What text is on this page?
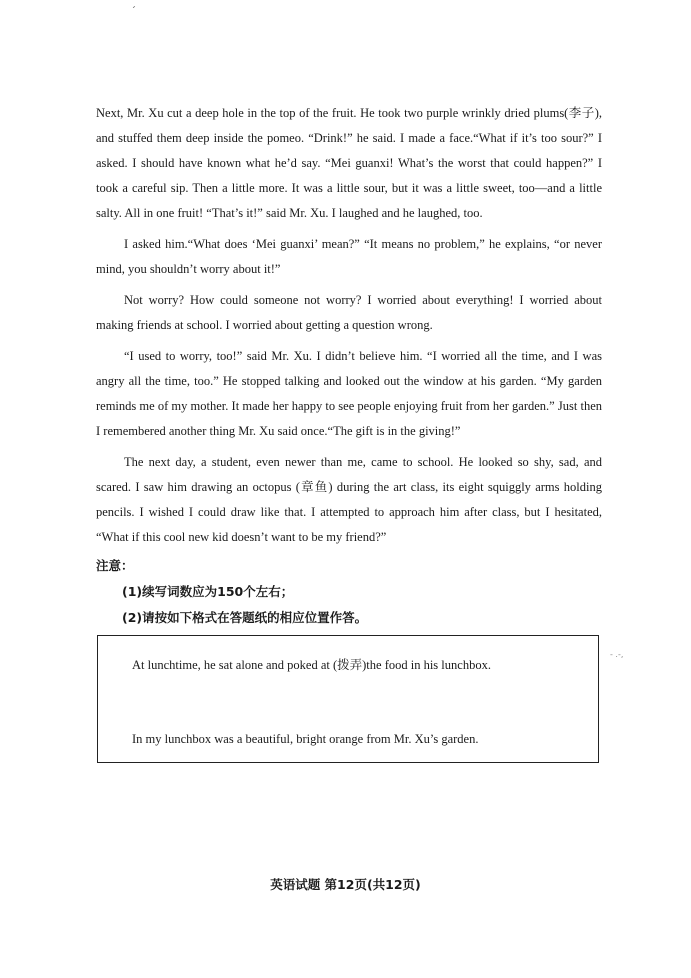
ˊ

Next, Mr. Xu cut a deep hole in the top of the fruit. He took two purple wrinkly dried plums(李子), and stuffed them deep inside the pomeo. “Drink!” he said. I made a face.“What if it’s too sour?” I asked. I should have known what he’d say. “Mei guanxi! What’s the worst that could happen?” I took a careful sip. Then a little more. It was a little sour, but it was a little sweet, too—and a little salty. All in one fruit! “That’s it!” said Mr. Xu. I laughed and he laughed, too.

I asked him.“What does ‘Mei guanxi’ mean?” “It means no problem,” he explains, “or never mind, you shouldn’t worry about it!”

Not worry? How could someone not worry? I worried about everything! I worried about making friends at school. I worried about getting a question wrong.

“I used to worry, too!” said Mr. Xu. I didn’t believe him. “I worried all the time, and I was angry all the time, too.” He stopped talking and looked out the window at his garden. “My garden reminds me of my mother. It made her happy to see people enjoying fruit from her garden.” Just then I remembered another thing Mr. Xu said once.“The gift is in the giving!”

The next day, a student, even newer than me, came to school. He looked so shy, sad, and scared. I saw him drawing an octopus (章鱼) during the art class, its eight squiggly arms holding pencils. I wished I could draw like that. I attempted to approach him after class, but I hesitated, “What if this cool new kid doesn’t want to be my friend?”

注意：
(1)续写词数应为150个左右；
(2)请按如下格式在答题纸的相应位置作答。
At lunchtime, he sat alone and poked at (拨弄)the food in his lunchbox.
In my lunchbox was a beautiful, bright orange from Mr. Xu’s garden.
- .-,
英语试题 第12页(共12页)
